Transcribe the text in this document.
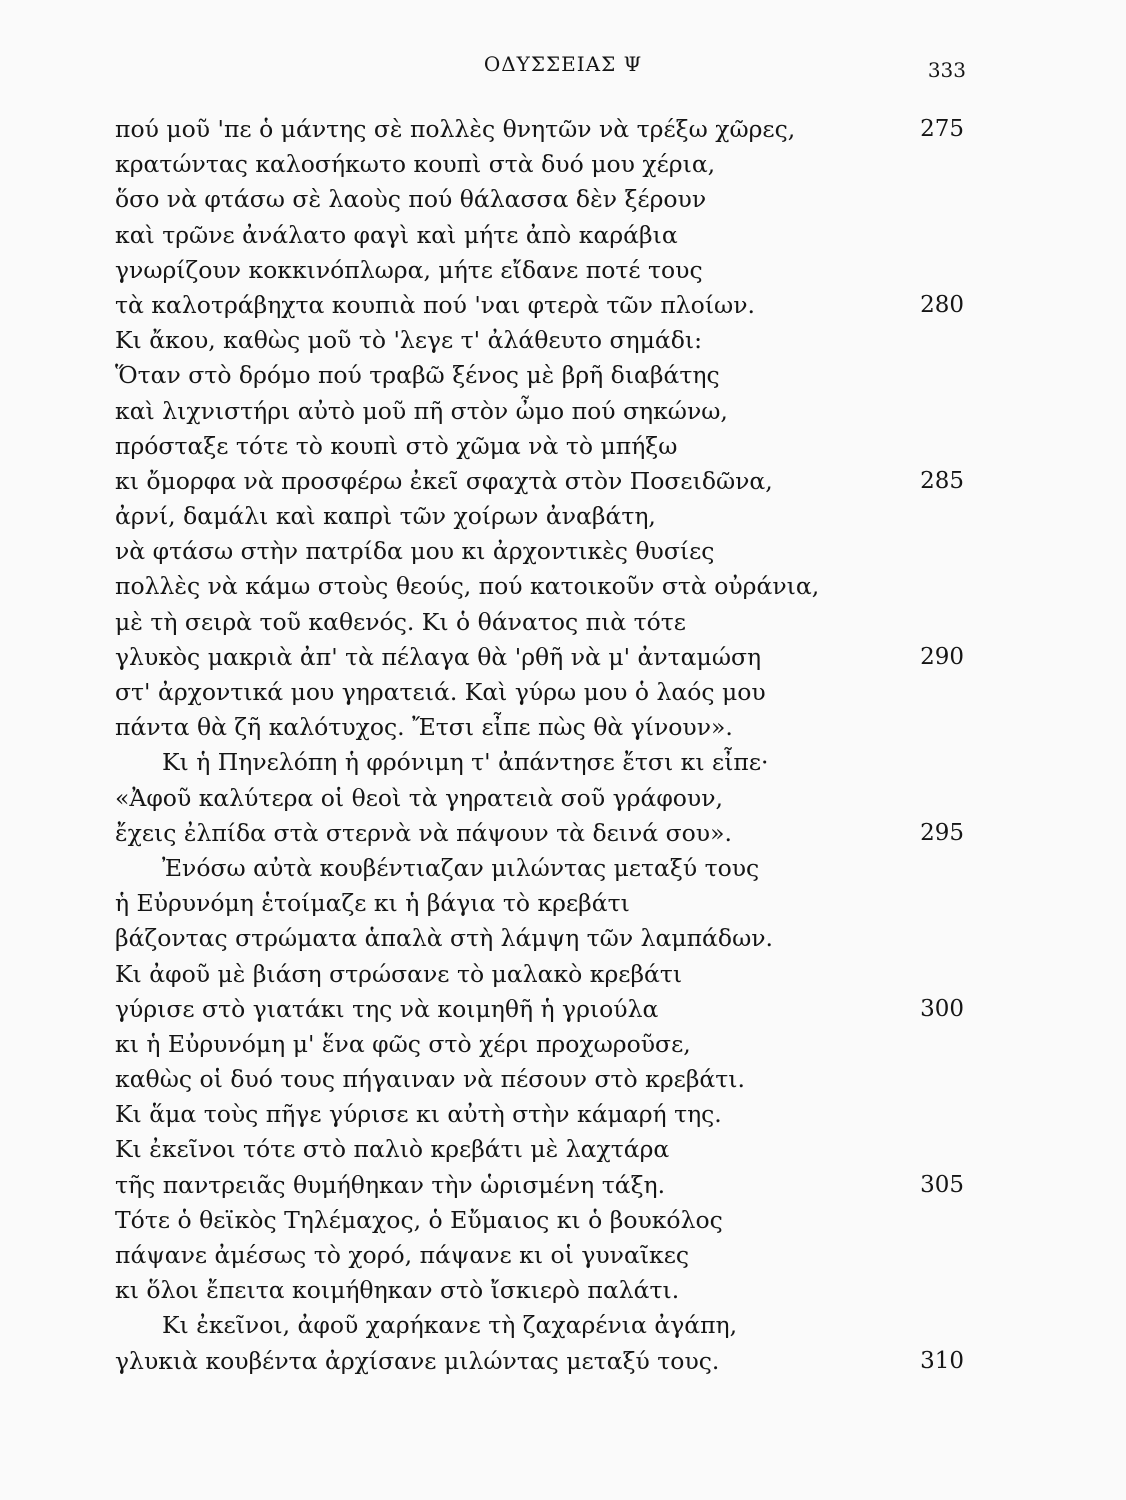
ΟΔΥΣΣΕΙΑΣ Ψ	333
πού μοῦ 'πε ὁ μάντης σὲ πολλὲς θνητῶν νὰ τρέξω χῶρες,	275
κρατώντας καλοσήκωτο κουπὶ στὰ δυό μου χέρια,
ὅσο νὰ φτάσω σὲ λαοὺς πού θάλασσα δὲν ξέρουν
καὶ τρῶνε ἀνάλατο φαγὶ καὶ μήτε ἀπὸ καράβια
γνωρίζουν κοκκινόπλωρα, μήτε εἴδανε ποτέ τους
τὰ καλοτράβηχτα κουπιὰ πού 'ναι φτερὰ τῶν πλοίων.	280
Κι ἄκου, καθὼς μοῦ τὸ 'λεγε τ' ἀλάθευτο σημάδι:
Ὅταν στὸ δρόμο πού τραβῶ ξένος μὲ βρῆ διαβάτης
καὶ λιχνιστήρι αὐτὸ μοῦ πῆ στὸν ὦμο πού σηκώνω,
πρόσταξε τότε τὸ κουπὶ στὸ χῶμα νὰ τὸ μπήξω
κι ὄμορφα νὰ προσφέρω ἐκεῖ σφαχτὰ στὸν Ποσειδῶνα,	285
ἀρνί, δαμάλι καὶ καπρὶ τῶν χοίρων ἀναβάτη,
νὰ φτάσω στὴν πατρίδα μου κι ἀρχοντικὲς θυσίες
πολλὲς νὰ κάμω στοὺς θεούς, πού κατοικοῦν στὰ οὐράνια,
μὲ τὴ σειρὰ τοῦ καθενός. Κι ὁ θάνατος πιὰ τότε
γλυκὸς μακριὰ ἀπ' τὰ πέλαγα θὰ 'ρθῆ νὰ μ' ἀνταμώση	290
στ' ἀρχοντικά μου γηρατειά. Καὶ γύρω μου ὁ λαός μου
πάντα θὰ ζῆ καλότυχος. Ἔτσι εἶπε πὼς θὰ γίνουν».
Κι ἡ Πηνελόπη ἡ φρόνιμη τ' ἀπάντησε ἔτσι κι εἶπε·
«Ἀφοῦ καλύτερα οἱ θεοὶ τὰ γηρατειὰ σοῦ γράφουν,
ἔχεις ἐλπίδα στὰ στερνὰ νὰ πάψουν τὰ δεινά σου».	295
Ἐνόσω αὐτὰ κουβέντιαζαν μιλώντας μεταξύ τους
ἡ Εὐρυνόμη ἑτοίμαζε κι ἡ βάγια τὸ κρεβάτι
βάζοντας στρώματα ἁπαλὰ στὴ λάμψη τῶν λαμπάδων.
Κι ἀφοῦ μὲ βιάση στρώσανε τὸ μαλακὸ κρεβάτι
γύρισε στὸ γιατάκι της νὰ κοιμηθῆ ἡ γριούλα	300
κι ἡ Εὐρυνόμη μ' ἕνα φῶς στὸ χέρι προχωροῦσε,
καθὼς οἱ δυό τους πήγαιναν νὰ πέσουν στὸ κρεβάτι.
Κι ἅμα τοὺς πῆγε γύρισε κι αὐτὴ στὴν κάμαρή της.
Κι ἐκεῖνοι τότε στὸ παλιὸ κρεβάτι μὲ λαχτάρα
τῆς παντρειᾶς θυμήθηκαν τὴν ὡρισμένη τάξη.	305
Τότε ὁ θεϊκὸς Τηλέμαχος, ὁ Εὔμαιος κι ὁ βουκόλος
πάψανε ἀμέσως τὸ χορό, πάψανε κι οἱ γυναῖκες
κι ὅλοι ἔπειτα κοιμήθηκαν στὸ ἴσκιερὸ παλάτι.
Κι ἐκεῖνοι, ἀφοῦ χαρήκανε τὴ ζαχαρένια ἀγάπη,
γλυκιὰ κουβέντα ἀρχίσανε μιλώντας μεταξύ τους.	310
